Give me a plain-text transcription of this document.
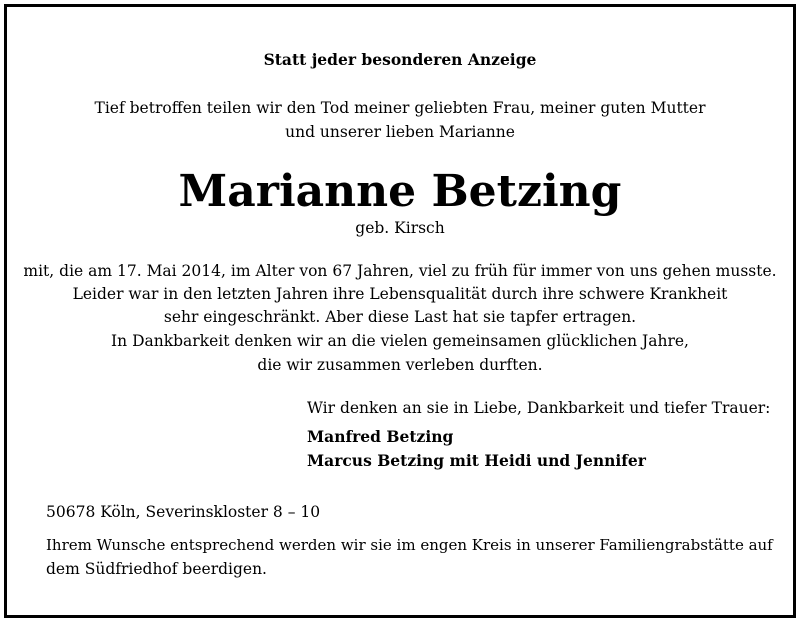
Statt jeder besonderen Anzeige
Tief betroffen teilen wir den Tod meiner geliebten Frau, meiner guten Mutter
und unserer lieben Marianne
Marianne Betzing
geb. Kirsch
mit, die am 17. Mai 2014, im Alter von 67 Jahren, viel zu früh für immer von uns gehen musste.
Leider war in den letzten Jahren ihre Lebensqualität durch ihre schwere Krankheit
sehr eingeschränkt. Aber diese Last hat sie tapfer ertragen.
In Dankbarkeit denken wir an die vielen gemeinsamen glücklichen Jahre,
die wir zusammen verleben durften.
Wir denken an sie in Liebe, Dankbarkeit und tiefer Trauer:
Manfred Betzing
Marcus Betzing mit Heidi und Jennifer
50678 Köln, Severinskloster 8 – 10
Ihrem Wunsche entsprechend werden wir sie im engen Kreis in unserer Familiengrabstätte auf
dem Südfriedhof beerdigen.
